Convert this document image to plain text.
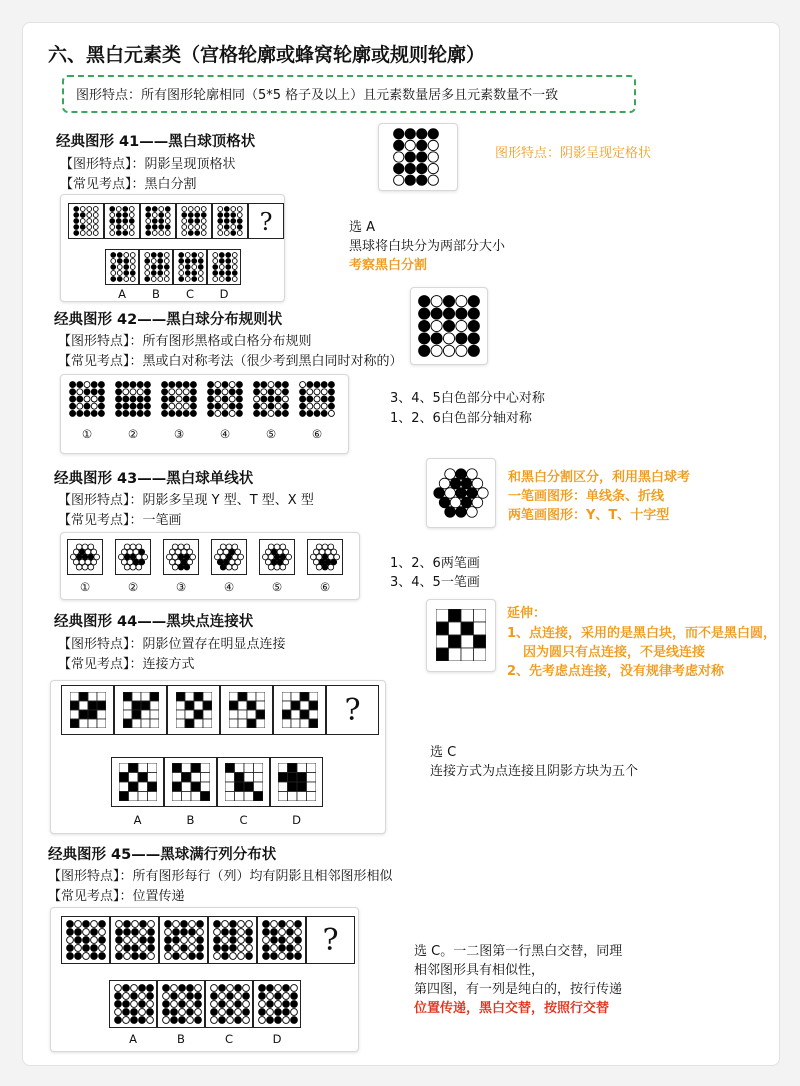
六、黑白元素类（宫格轮廓或蜂窝轮廓或规则轮廓）
图形特点：所有图形轮廓相同（5*5 格子及以上）且元素数量居多且元素数量不一致
经典图形 41——黑白球顶格状
【图形特点】：阴影呈现顶格状
【常见考点】：黑白分割
图形特点：阴影呈现定格状
?
A	B	C	D
选 A
黑球将白块分为两部分大小
考察黑白分割
经典图形 42——黑白球分布规则状
【图形特点】：所有图形黑格或白格分布规则
【常见考点】：黑或白对称考法（很少考到黑白同时对称的）
①	②	③	④	⑤	⑥
3、4、5白色部分中心对称
1、2、6白色部分轴对称
经典图形 43——黑白球单线状
【图形特点】：阴影多呈现 Y 型、T 型、X 型
【常见考点】：一笔画
和黑白分割区分，利用黑白球考
一笔画图形：单线条、折线
两笔画图形：Y、T、十字型
①	②	③	④	⑤	⑥
1、2、6两笔画
3、4、5一笔画
经典图形 44——黑块点连接状
【图形特点】：阴影位置存在明显点连接
【常见考点】：连接方式
延伸：
1、点连接，采用的是黑白块，而不是黑白圆，
因为圆只有点连接，不是线连接
2、先考虑点连接，没有规律考虑对称
?
A	B	C	D
选 C
连接方式为点连接且阴影方块为五个
经典图形 45——黑球满行列分布状
【图形特点】：所有图形每行（列）均有阴影且相邻图形相似
【常见考点】：位置传递
?
A	B	C	D
选 C。一二图第一行黑白交替，同理
相邻图形具有相似性，
第四图，有一列是纯白的，按行传递
位置传递，黑白交替，按照行交替
